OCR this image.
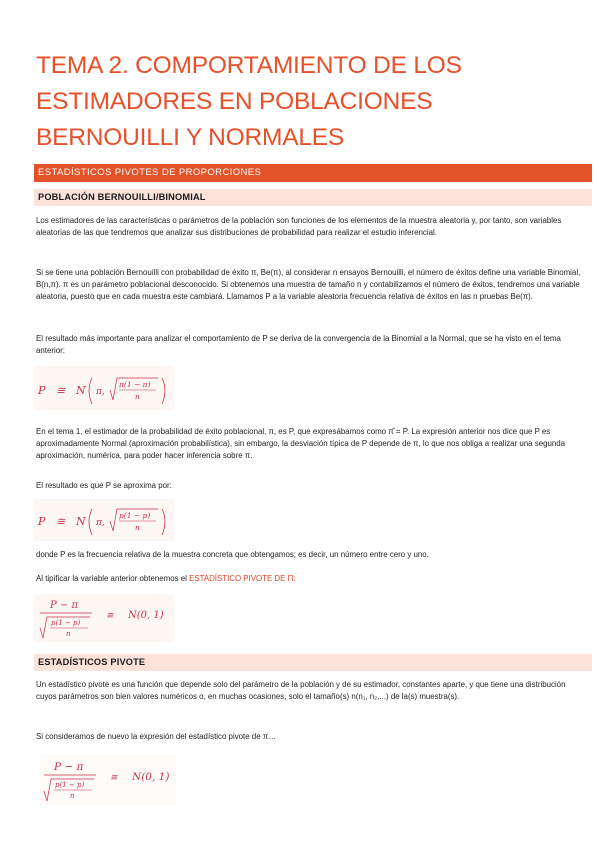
TEMA 2. COMPORTAMIENTO DE LOS ESTIMADORES EN POBLACIONES BERNOUILLI Y NORMALES
ESTADÍSTICOS PIVOTES DE PROPORCIONES
POBLACIÓN BERNOUILLI/BINOMIAL

Los estimadores de las características o parámetros de la población son funciones de los elementos de la muestra aleatoria y, por tanto, son variables aleatorias de las que tendremos que analizar sus distribuciones de probabilidad para realizar el estudio inferencial.

Si se tiene una población Bernouilli con probabilidad de éxito π, Be(π), al considerar n ensayos Bernouilli, el número de éxitos define una variable Binomial, B(n,π). π es un parámetro poblacional desconocido. Si obtenemos una muestra de tamaño n y contabilizamos el número de éxitos, tendremos una variable aleatoria, puesto que en cada muestra este cambiará. Llamamos P a la variable aleatoria frecuencia relativa de éxitos en las n pruebas Be(π).

El resultado más importante para analizar el comportamiento de P se deriva de la convergencia de la Binomial a la Normal, que se ha visto en el tema anterior:

P ≅ N π,
π(1 − π)
n

En el tema 1, el estimador de la probabilidad de éxito poblacional, π, es P, que expresábamos como π̂ = P. La expresión anterior nos dice que P es aproximadamente Normal (aproximación probabilística), sin embargo, la desviación típica de P depende de π, lo que nos obliga a realizar una segunda aproximación, numérica, para poder hacer inferencia sobre π.

El resultado es que P se aproxima por:

P ≅ N π,
p(1 − p)
n

donde P es la frecuencia relativa de la muestra concreta que obtengamos; es decir, un número entre cero y uno.

Al tipificar la variable anterior obtenemos el ESTADÍSTICO PIVOTE DE Π:

P − π
p(1 − p)
n
≅ N(0, 1)
ESTADÍSTICOS PIVOTE

Un estadístico pivote es una función que depende solo del parámetro de la población y de su estimador, constantes aparte, y que tiene una distribución cuyos parámetros son bien valores numéricos o, en muchas ocasiones, solo el tamaño(s) n(n₁, n₂,...) de la(s) muestra(s).

Si consideramos de nuevo la expresión del estadístico pivote de π…

P − π
p(1 − p)
n
≅ N(0, 1)
